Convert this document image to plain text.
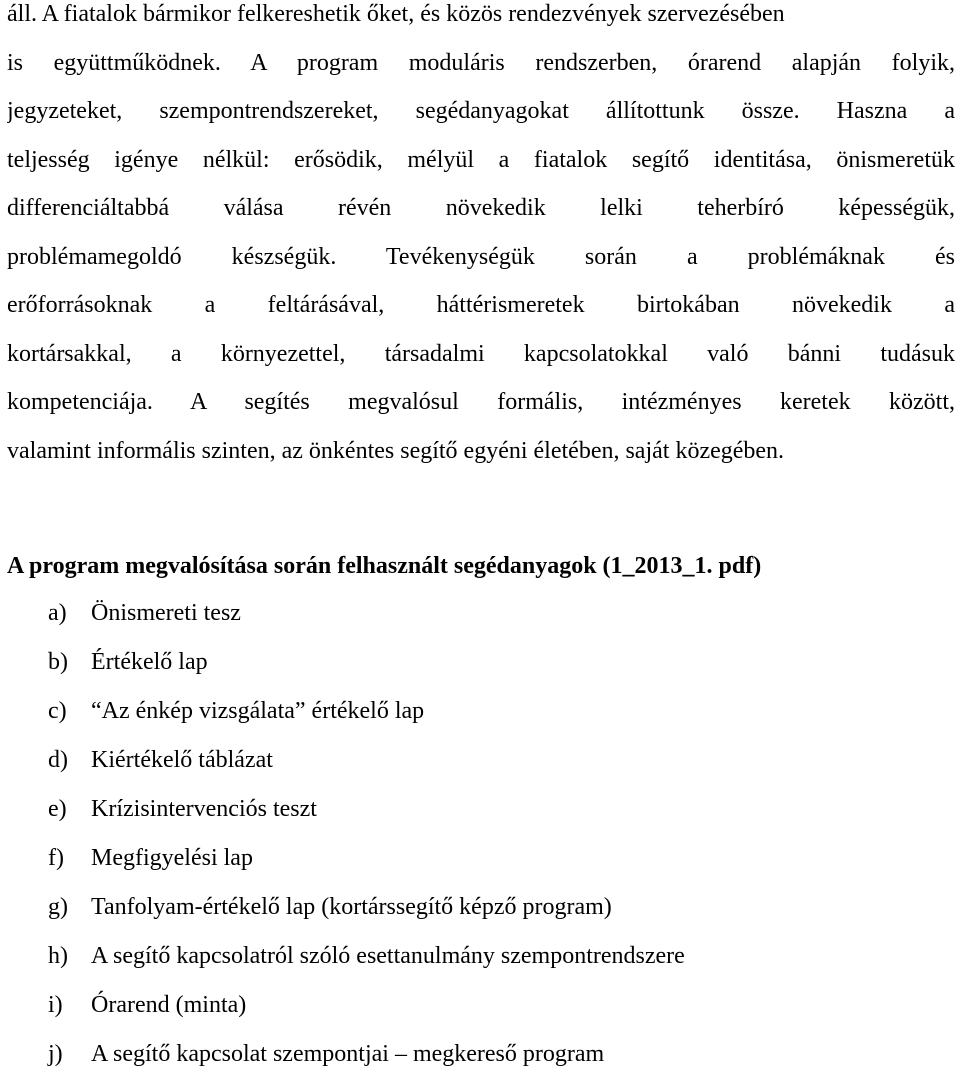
áll. A fiatalok bármikor felkereshetik őket, és közös rendezvények szervezésében
is együttműködnek. A program moduláris rendszerben, órarend alapján folyik,
jegyzeteket, szempontrendszereket, segédanyagokat állítottunk össze. Haszna a
teljesség igénye nélkül: erősödik, mélyül a fiatalok segítő identitása, önismeretük
differenciáltabbá válása révén növekedik lelki teherbíró képességük,
problémamegoldó készségük. Tevékenységük során a problémáknak és
erőforrásoknak a feltárásával, háttérismeretek birtokában növekedik a
kortársakkal, a környezettel, társadalmi kapcsolatokkal való bánni tudásuk
kompetenciája. A segítés megvalósul formális, intézményes keretek között,
valamint informális szinten, az önkéntes segítő egyéni életében, saját közegében.
A program megvalósítása során felhasznált segédanyagok (1_2013_1. pdf)
a) Önismereti tesz
b) Értékelő lap
c) “Az énkép vizsgálata” értékelő lap
d) Kiértékelő táblázat
e) Krízisintervenciós teszt
f) Megfigyelési lap
g) Tanfolyam-értékelő lap (kortárssegítő képző program)
h) A segítő kapcsolatról szóló esettanulmány szempontrendszere
i) Órarend (minta)
j) A segítő kapcsolat szempontjai – megkereső program
